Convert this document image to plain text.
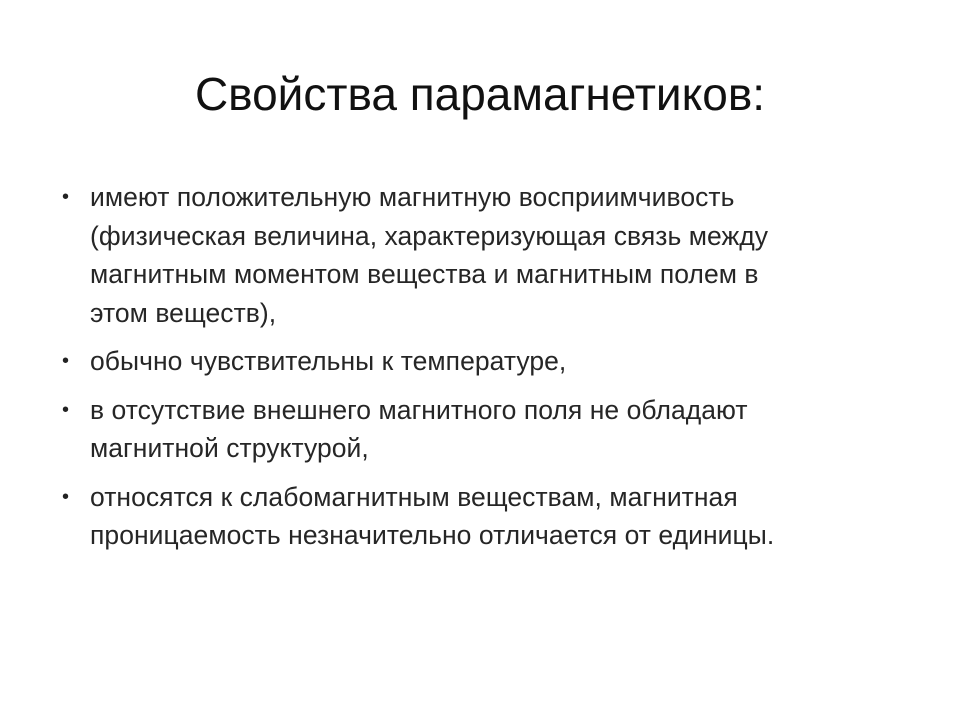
Свойства парамагнетиков:
• имеют положительную магнитную восприимчивость
(физическая величина, характеризующая связь между
магнитным моментом вещества и магнитным полем в
этом веществ),
• обычно чувствительны к температуре,
• в отсутствие внешнего магнитного поля не обладают
магнитной структурой,
• относятся к слабомагнитным веществам, магнитная
проницаемость незначительно отличается от единицы.
